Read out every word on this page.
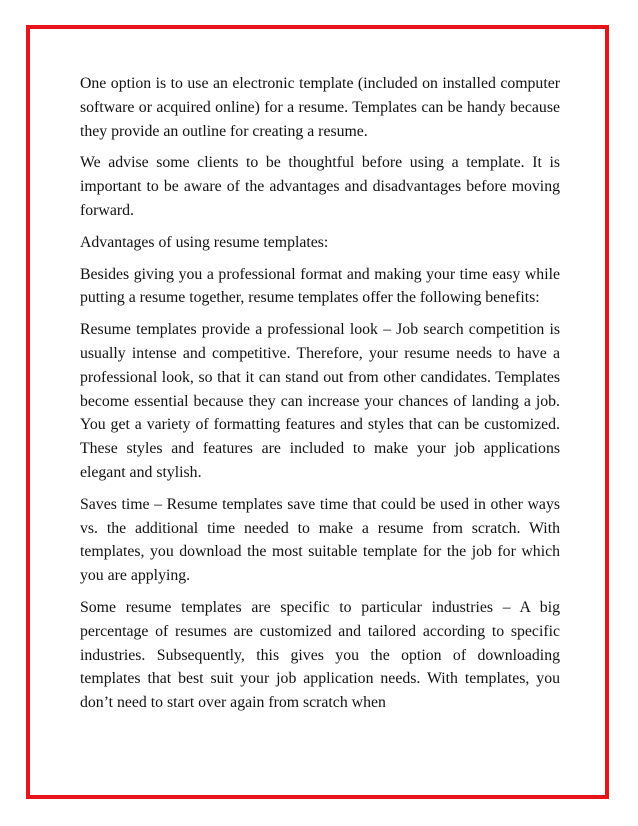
One option is to use an electronic template (included on installed computer software or acquired online) for a resume. Templates can be handy because they provide an outline for creating a resume.

We advise some clients to be thoughtful before using a template. It is important to be aware of the advantages and disadvantages before moving forward.

Advantages of using resume templates:

Besides giving you a professional format and making your time easy while putting a resume together, resume templates offer the following benefits:

Resume templates provide a professional look – Job search competition is usually intense and competitive. Therefore, your resume needs to have a professional look, so that it can stand out from other candidates. Templates become essential because they can increase your chances of landing a job. You get a variety of formatting features and styles that can be customized. These styles and features are included to make your job applications elegant and stylish.

Saves time – Resume templates save time that could be used in other ways vs. the additional time needed to make a resume from scratch. With templates, you download the most suitable template for the job for which you are applying.

Some resume templates are specific to particular industries – A big percentage of resumes are customized and tailored according to specific industries. Subsequently, this gives you the option of downloading templates that best suit your job application needs. With templates, you don’t need to start over again from scratch when
